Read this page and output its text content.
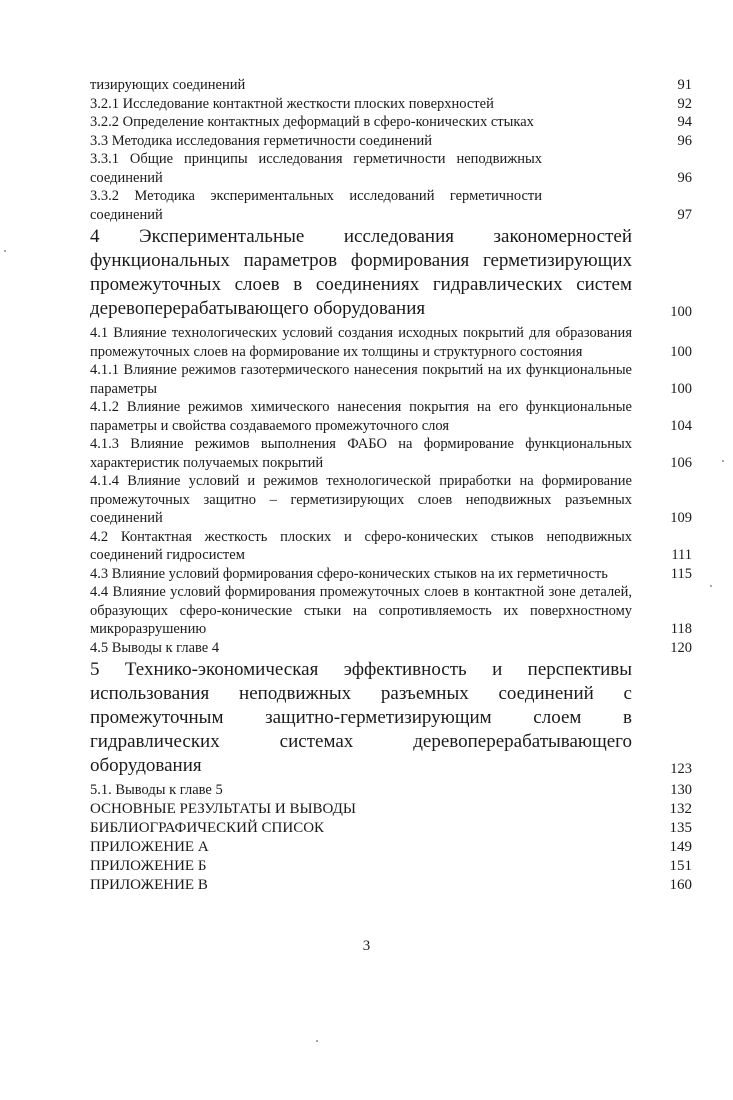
тизирующих соединений	91
3.2.1 Исследование контактной жесткости плоских поверхностей	92
3.2.2 Определение контактных деформаций в сферо-конических стыках	94
3.3 Методика исследования герметичности соединений	96
3.3.1 Общие принципы исследования герметичности неподвижных соединений	96
3.3.2 Методика экспериментальных исследований герметичности соединений	97
4 Экспериментальные исследования закономерностей функциональных параметров формирования герметизирующих промежуточных слоев в соединениях гидравлических систем деревоперерабатывающего оборудования	100
4.1 Влияние технологических условий создания исходных покрытий для образования промежуточных слоев на формирование их толщины и структурного состояния	100
4.1.1 Влияние режимов газотермического нанесения покрытий на их функциональные параметры	100
4.1.2 Влияние режимов химического нанесения покрытия на его функциональные параметры и свойства создаваемого промежуточного слоя	104
4.1.3 Влияние режимов выполнения ФАБО на формирование функциональных характеристик получаемых покрытий	106
4.1.4 Влияние условий и режимов технологической приработки на формирование промежуточных защитно – герметизирующих слоев неподвижных разъемных соединений	109
4.2 Контактная жесткость плоских и сферо-конических стыков неподвижных соединений гидросистем	111
4.3 Влияние условий формирования сферо-конических стыков на их герметичность	115
4.4 Влияние условий формирования промежуточных слоев в контактной зоне деталей, образующих сферо-конические стыки на сопротивляемость их поверхностному микроразрушению	118
4.5 Выводы к главе 4	120
5 Технико-экономическая эффективность и перспективы использования неподвижных разъемных соединений с промежуточным защитно-герметизирующим слоем в гидравлических системах деревоперерабатывающего оборудования	123
5.1. Выводы к главе 5	130
ОСНОВНЫЕ РЕЗУЛЬТАТЫ И ВЫВОДЫ	132
БИБЛИОГРАФИЧЕСКИЙ СПИСОК	135
ПРИЛОЖЕНИЕ А	149
ПРИЛОЖЕНИЕ Б	151
ПРИЛОЖЕНИЕ В	160
3
